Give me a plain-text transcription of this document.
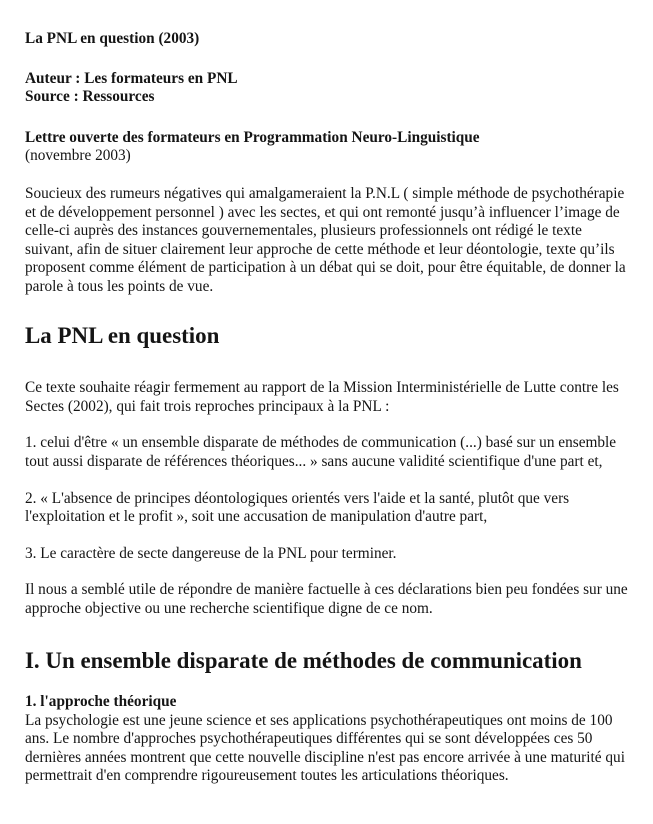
La PNL en question (2003)
Auteur : Les formateurs en PNL
Source : Ressources
Lettre ouverte des formateurs en Programmation Neuro-Linguistique
(novembre 2003)

Soucieux des rumeurs négatives qui amalgameraient la P.N.L ( simple méthode de psychothérapie et de développement personnel ) avec les sectes, et qui ont remonté jusqu’à influencer l’image de celle-ci auprès des instances gouvernementales, plusieurs professionnels ont rédigé le texte suivant, afin de situer clairement leur approche de cette méthode et leur déontologie, texte qu’ils proposent comme élément de participation à un débat qui se doit, pour être équitable, de donner la parole à tous les points de vue.

La PNL en question

Ce texte souhaite réagir fermement au rapport de la Mission Interministérielle de Lutte contre les Sectes (2002), qui fait trois reproches principaux à la PNL :

1. celui d'être « un ensemble disparate de méthodes de communication (...) basé sur un ensemble tout aussi disparate de références théoriques... » sans aucune validité scientifique d'une part et,

2. « L'absence de principes déontologiques orientés vers l'aide et la santé, plutôt que vers l'exploitation et le profit », soit une accusation de manipulation d'autre part,

3. Le caractère de secte dangereuse de la PNL pour terminer.

Il nous a semblé utile de répondre de manière factuelle à ces déclarations bien peu fondées sur une approche objective ou une recherche scientifique digne de ce nom.

I. Un ensemble disparate de méthodes de communication
1. l'approche théorique
La psychologie est une jeune science et ses applications psychothérapeutiques ont moins de 100 ans. Le nombre d'approches psychothérapeutiques différentes qui se sont développées ces 50 dernières années montrent que cette nouvelle discipline n'est pas encore arrivée à une maturité qui permettrait d'en comprendre rigoureusement toutes les articulations théoriques.
